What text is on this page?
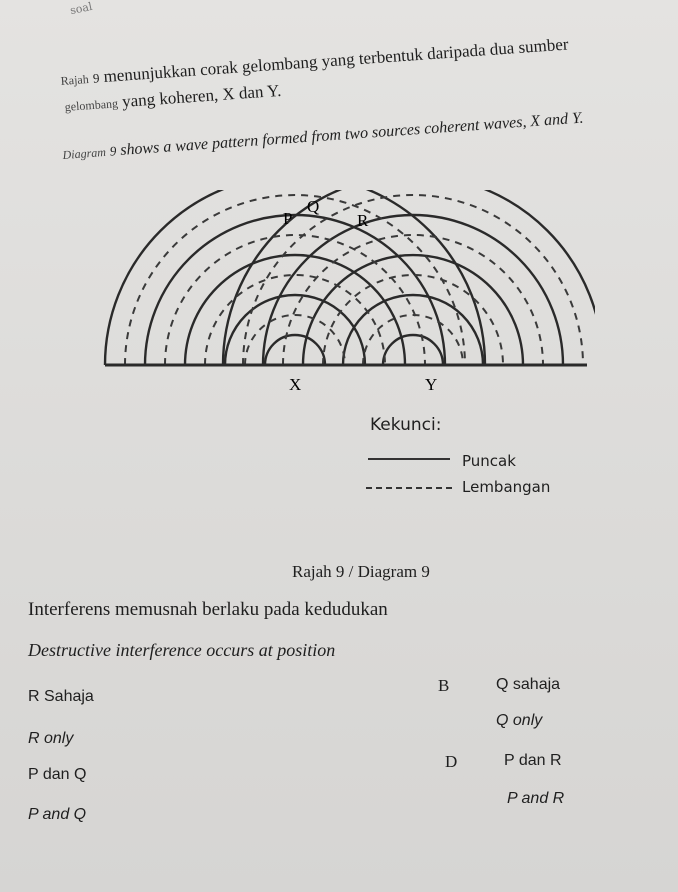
soal
Rajah 9 menunjukkan corak gelombang yang terbentuk daripada dua sumber
gelombang yang koheren, X dan Y.
Diagram 9 shows a wave pattern formed from two sources coherent waves, X and Y.
P
Q
R
X	Y
Kekunci:
Puncak
Lembangan
Rajah 9 / Diagram 9
Interferens memusnah berlaku pada kedudukan
Destructive interference occurs at position
R Sahaja
R only
B	Q sahaja
Q only
P dan Q
P and Q
D	P dan R
P and R
